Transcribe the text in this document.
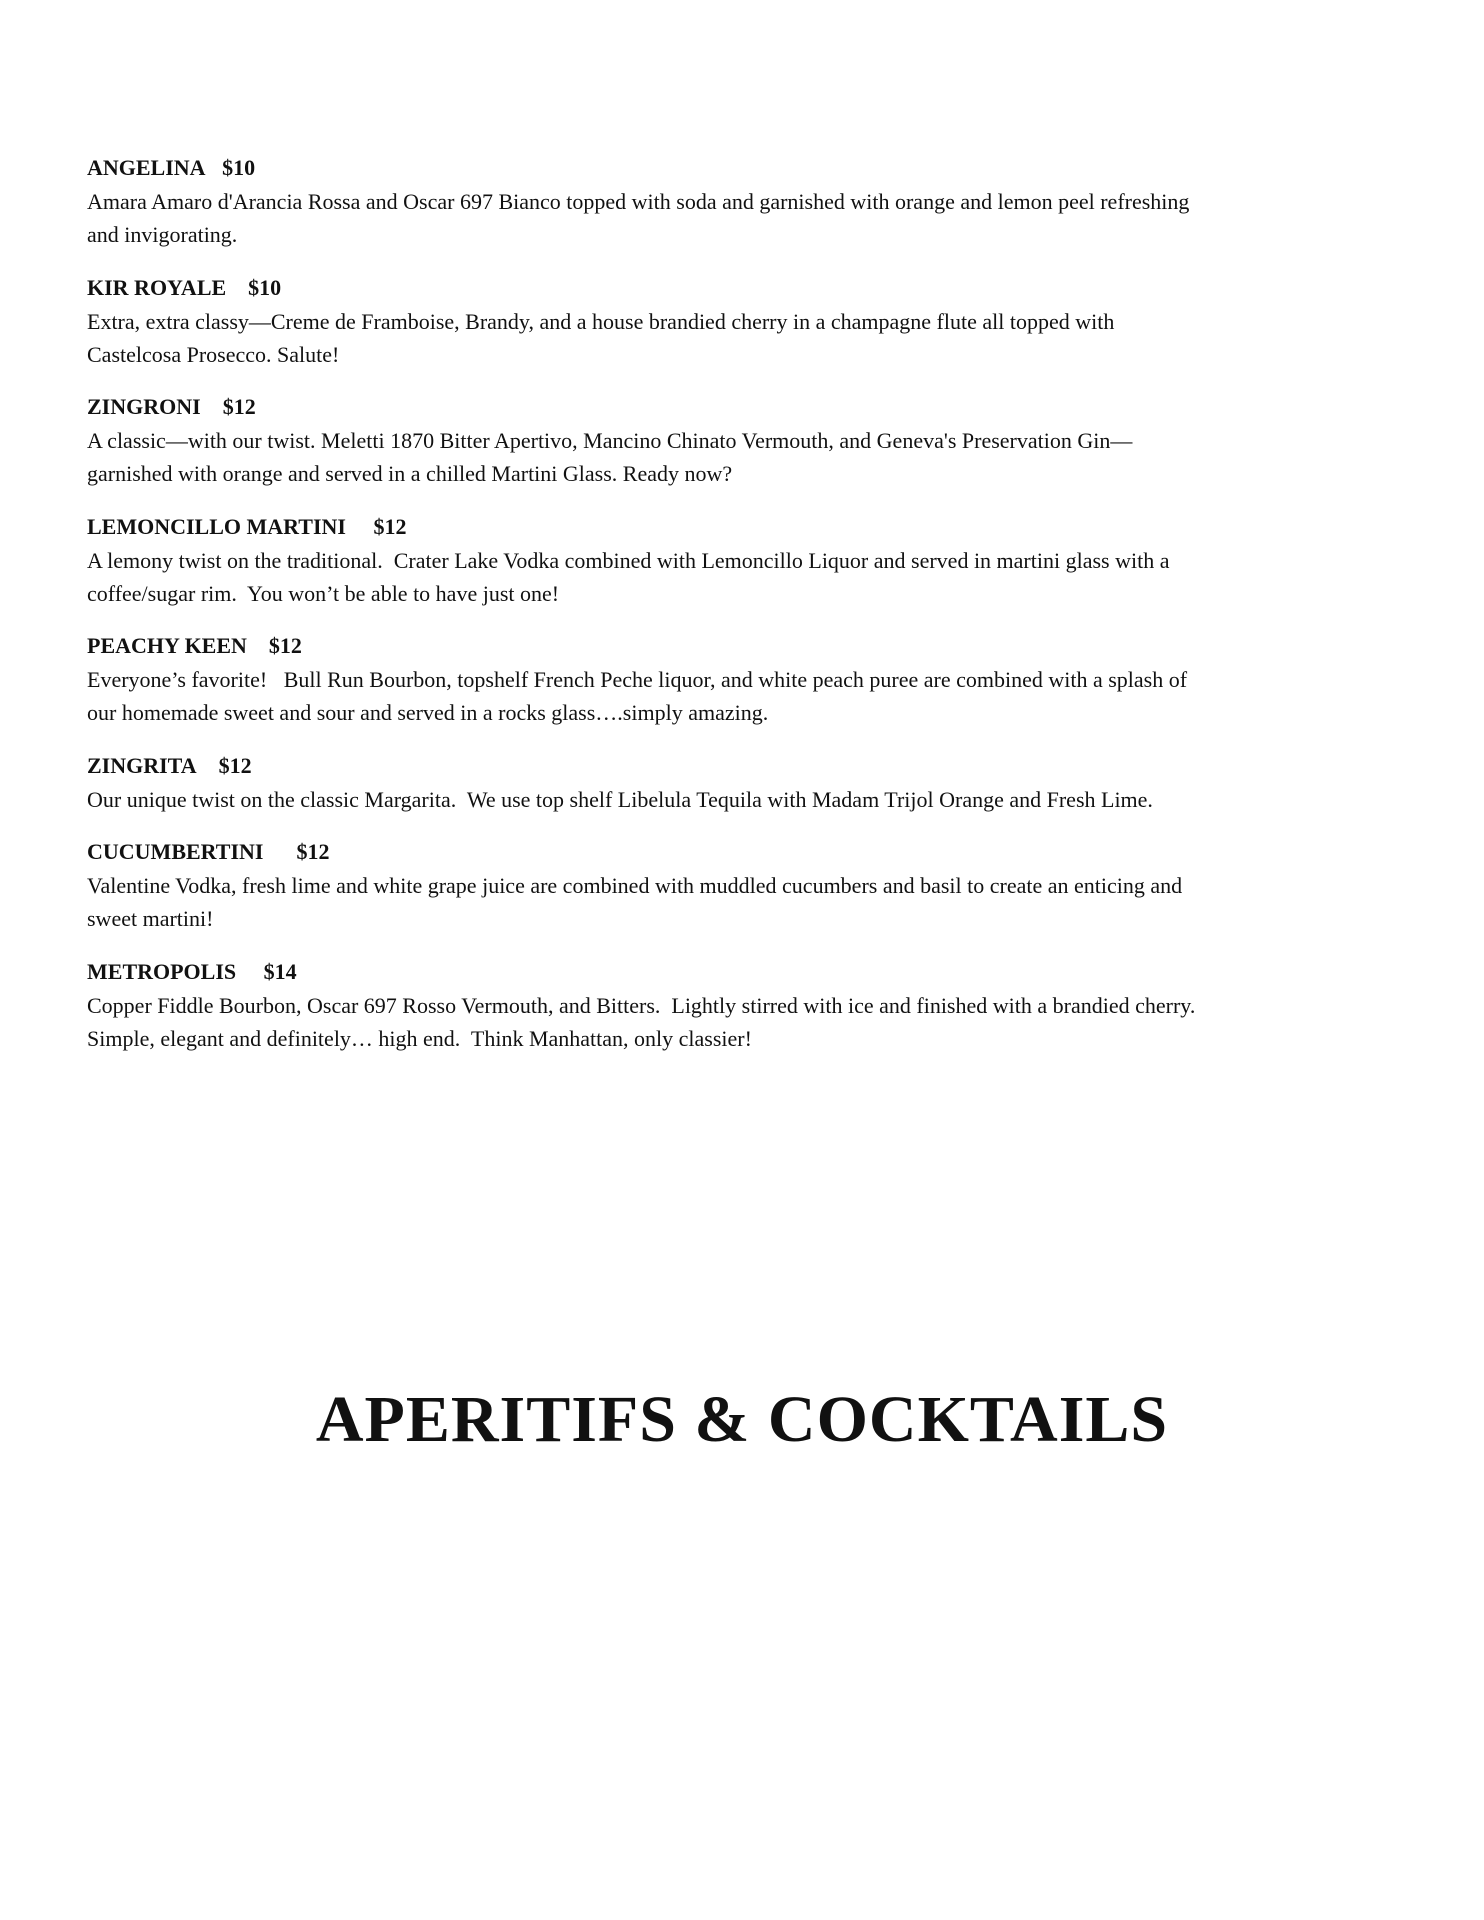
ANGELINA $10

Amara Amaro d'Arancia Rossa and Oscar 697 Bianco topped with soda and garnished with orange and lemon peel refreshing
and invigorating.

KIR ROYALE $10

Extra, extra classy—Creme de Framboise, Brandy, and a house brandied cherry in a champagne flute all topped with
Castelcosa Prosecco. Salute!

ZINGRONI $12

A classic—with our twist. Meletti 1870 Bitter Apertivo, Mancino Chinato Vermouth, and Geneva's Preservation Gin—
garnished with orange and served in a chilled Martini Glass. Ready now?

LEMONCILLO MARTINI $12

A lemony twist on the traditional.  Crater Lake Vodka combined with Lemoncillo Liquor and served in martini glass with a
coffee/sugar rim.  You won’t be able to have just one!

PEACHY KEEN $12

Everyone’s favorite!   Bull Run Bourbon, topshelf French Peche liquor, and white peach puree are combined with a splash of
our homemade sweet and sour and served in a rocks glass….simply amazing.

ZINGRITA $12

Our unique twist on the classic Margarita.  We use top shelf Libelula Tequila with Madam Trijol Orange and Fresh Lime.

CUCUMBERTINI $12

Valentine Vodka, fresh lime and white grape juice are combined with muddled cucumbers and basil to create an enticing and
sweet martini!

METROPOLIS $14

Copper Fiddle Bourbon, Oscar 697 Rosso Vermouth, and Bitters.  Lightly stirred with ice and finished with a brandied cherry.
Simple, elegant and definitely… high end.  Think Manhattan, only classier!

APERITIFS & COCKTAILS
